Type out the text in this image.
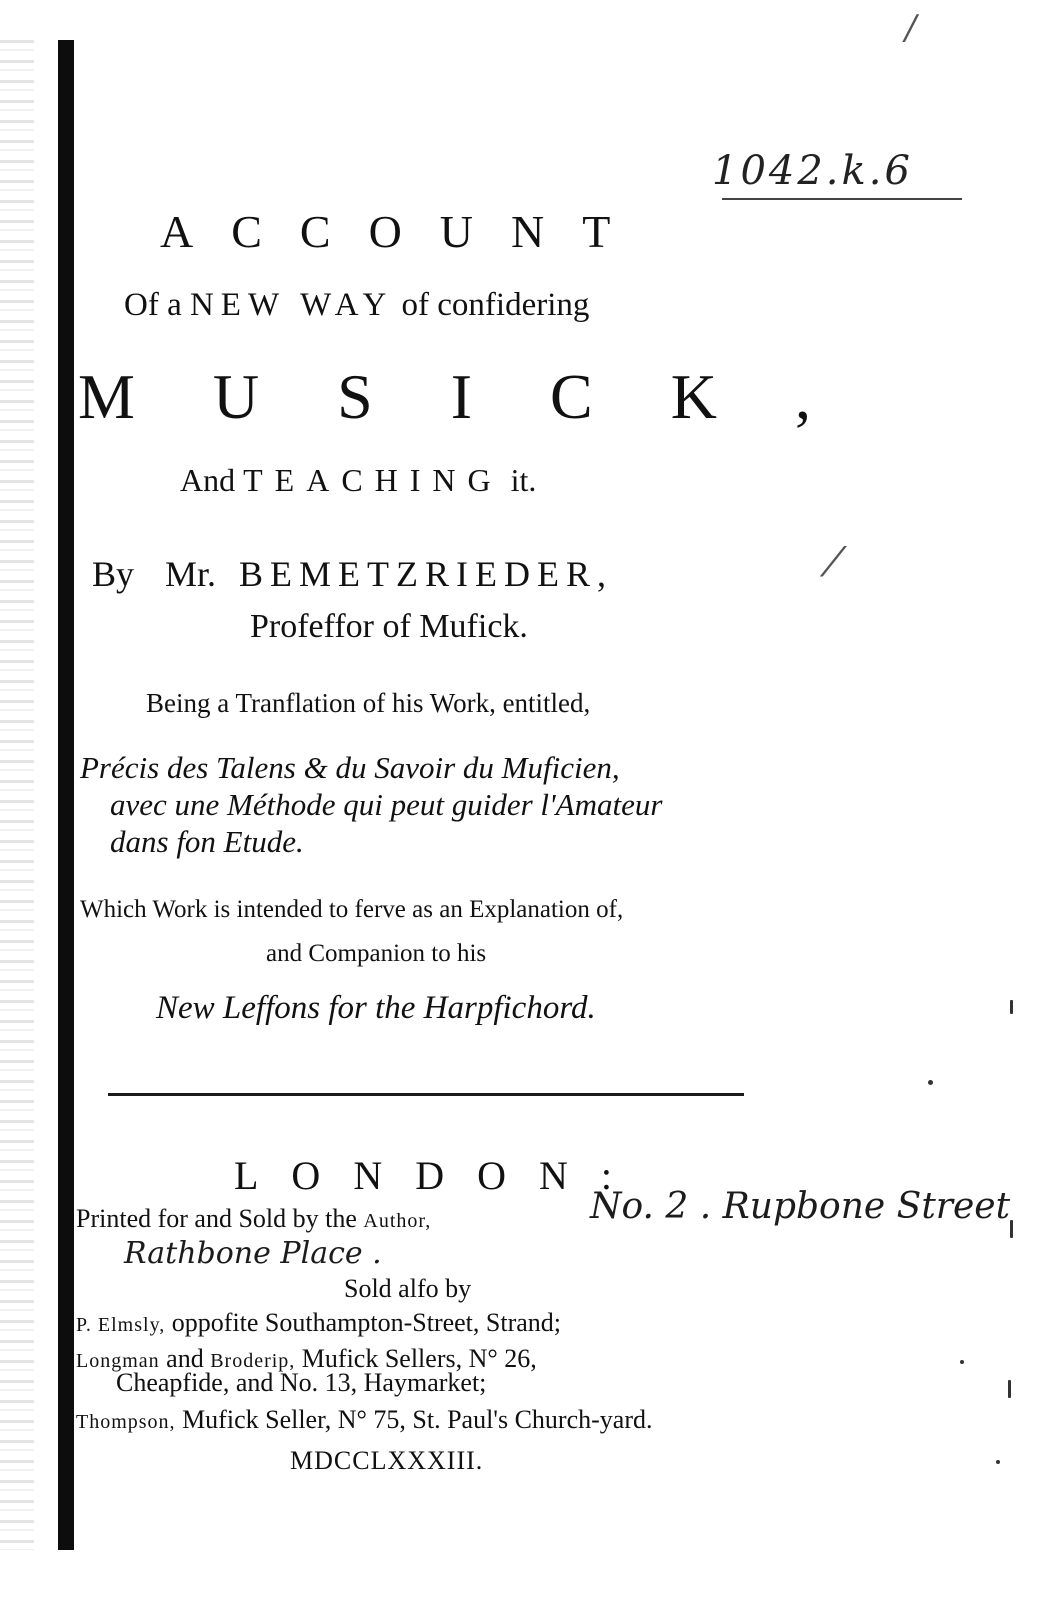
/
⁄
1042.k.6
ACCOUNT
Of a NEW WAY of confidering
MUSICK,
And TEACHING it.
By Mr. BEMETZRIEDER,
Profeffor of Mufick.
Being a Tranflation of his Work, entitled,
Précis des Talens & du Savoir du Muficien,
avec une Méthode qui peut guider l'Amateur
dans fon Etude.
Which Work is intended to ferve as an Explanation of,
and Companion to his
New Leffons for the Harpfichord.
LONDON:
Printed for and Sold by the Author,	No. 2 . Rupbone Street
Rathbone Place .
Sold alfo by
P. Elmsly, oppofite Southampton-Street, Strand;
Longman and Broderip, Mufick Sellers, N° 26,
Cheapfide, and No. 13, Haymarket;
Thompson, Mufick Seller, N° 75, St. Paul's Church-yard.
MDCCLXXXIII.
